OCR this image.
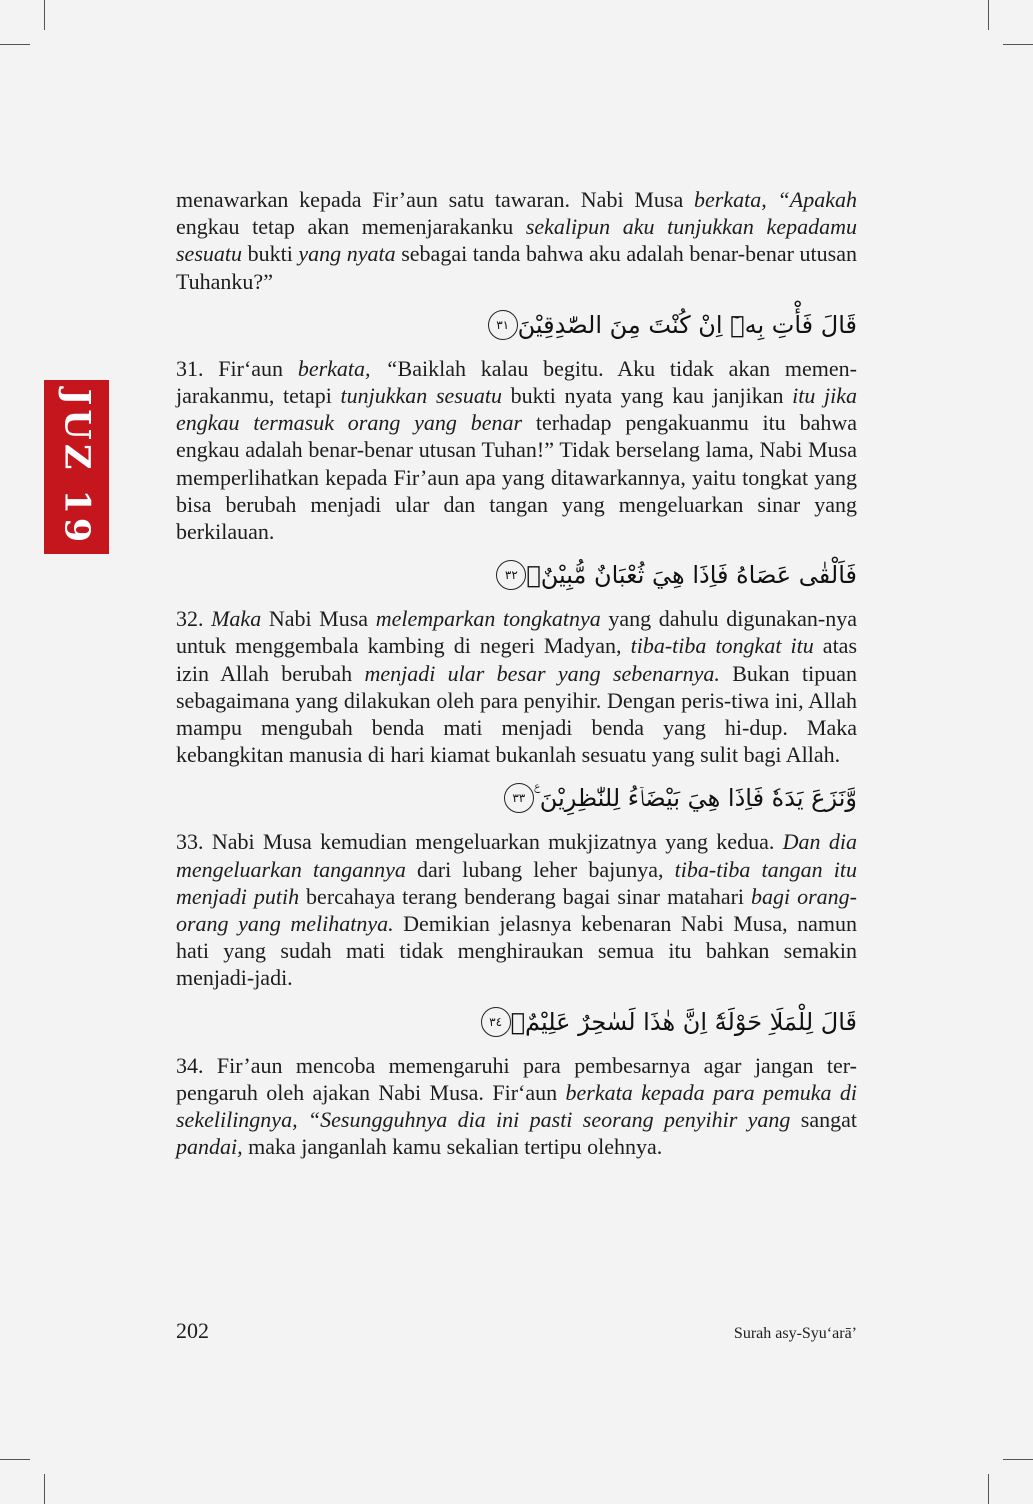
JUZ 19

menawarkan kepada Fir’aun satu tawaran. Nabi Musa berkata, “Apakah engkau tetap akan memenjarakanku sekalipun aku tunjukkan kepadamu sesuatu bukti yang nyata sebagai tanda bahwa aku adalah benar-benar utusan Tuhanku?”

قَالَ فَأْتِ بِهٖٓ اِنْ كُنْتَ مِنَ الصّٰدِقِيْنَ
٣١

31. Fir‘aun berkata, “Baiklah kalau begitu. Aku tidak akan memen-jarakanmu, tetapi tunjukkan sesuatu bukti nyata yang kau janjikan itu jika engkau termasuk orang yang benar terhadap pengakuanmu itu bahwa engkau adalah benar-benar utusan Tuhan!” Tidak berselang lama, Nabi Musa memperlihatkan kepada Fir’aun apa yang ditawarkannya, yaitu tongkat yang bisa berubah menjadi ular dan tangan yang mengeluarkan sinar yang berkilauan.

فَاَلْقٰى عَصَاهُ فَاِذَا هِيَ ثُعْبَانٌ مُّبِيْنٌۚ
٣٢

32. Maka Nabi Musa melemparkan tongkatnya yang dahulu digunakan-nya untuk menggembala kambing di negeri Madyan, tiba-tiba tongkat itu atas izin Allah berubah menjadi ular besar yang sebenarnya. Bukan tipuan sebagaimana yang dilakukan oleh para penyihir. Dengan peris-tiwa ini, Allah mampu mengubah benda mati menjadi benda yang hi-dup. Maka kebangkitan manusia di hari kiamat bukanlah sesuatu yang sulit bagi Allah.

وَّنَزَعَ يَدَهٗ فَاِذَا هِيَ بَيْضَاۤءُ لِلنّٰظِرِيْنَ ࣖ
٣٣

33. Nabi Musa kemudian mengeluarkan mukjizatnya yang kedua. Dan dia mengeluarkan tangannya dari lubang leher bajunya, tiba-tiba tangan itu menjadi putih bercahaya terang benderang bagai sinar matahari bagi orang-orang yang melihatnya. Demikian jelasnya kebenaran Nabi Musa, namun hati yang sudah mati tidak menghiraukan semua itu bahkan semakin menjadi-jadi.

قَالَ لِلْمَلَاِ حَوْلَهٗٓ اِنَّ هٰذَا لَسٰحِرٌ عَلِيْمٌۙ
٣٤

34. Fir’aun mencoba memengaruhi para pembesarnya agar jangan ter-pengaruh oleh ajakan Nabi Musa. Fir‘aun berkata kepada para pemuka di sekelilingnya, “Sesungguhnya dia ini pasti seorang penyihir yang sangat pandai, maka janganlah kamu sekalian tertipu olehnya.

202	Surah asy-Syu‘arā’
